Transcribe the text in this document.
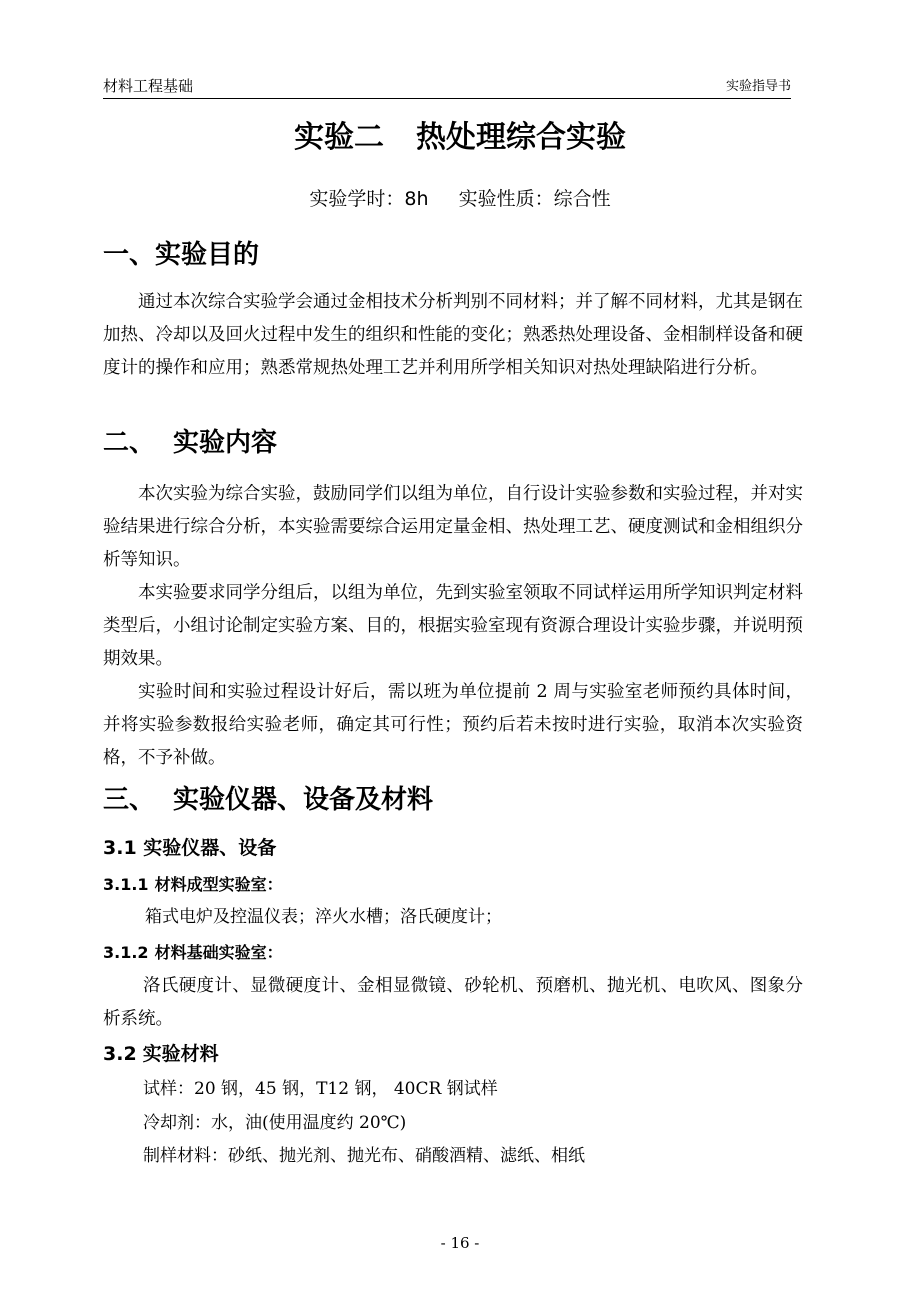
材料工程基础	实验指导书
实验二 热处理综合实验
实验学时：8h 实验性质：综合性
一、实验目的

通过本次综合实验学会通过金相技术分析判别不同材料；并了解不同材料，尤其是钢在加热、冷却以及回火过程中发生的组织和性能的变化；熟悉热处理设备、金相制样设备和硬度计的操作和应用；熟悉常规热处理工艺并利用所学相关知识对热处理缺陷进行分析。

二、 实验内容

本次实验为综合实验，鼓励同学们以组为单位，自行设计实验参数和实验过程，并对实验结果进行综合分析，本实验需要综合运用定量金相、热处理工艺、硬度测试和金相组织分析等知识。

本实验要求同学分组后，以组为单位，先到实验室领取不同试样运用所学知识判定材料类型后，小组讨论制定实验方案、目的，根据实验室现有资源合理设计实验步骤，并说明预期效果。

实验时间和实验过程设计好后，需以班为单位提前 2 周与实验室老师预约具体时间，并将实验参数报给实验老师，确定其可行性；预约后若未按时进行实验，取消本次实验资格，不予补做。

三、 实验仪器、设备及材料
3.1 实验仪器、设备
3.1.1 材料成型实验室：
箱式电炉及控温仪表；淬火水槽；洛氏硬度计；
3.1.2 材料基础实验室：

洛氏硬度计、显微硬度计、金相显微镜、砂轮机、预磨机、抛光机、电吹风、图象分析系统。

3.2 实验材料
试样：20 钢，45 钢，T12 钢， 40CR 钢试样
冷却剂：水，油(使用温度约 20℃)
制样材料：砂纸、抛光剂、抛光布、硝酸酒精、滤纸、相纸
- 16 -
